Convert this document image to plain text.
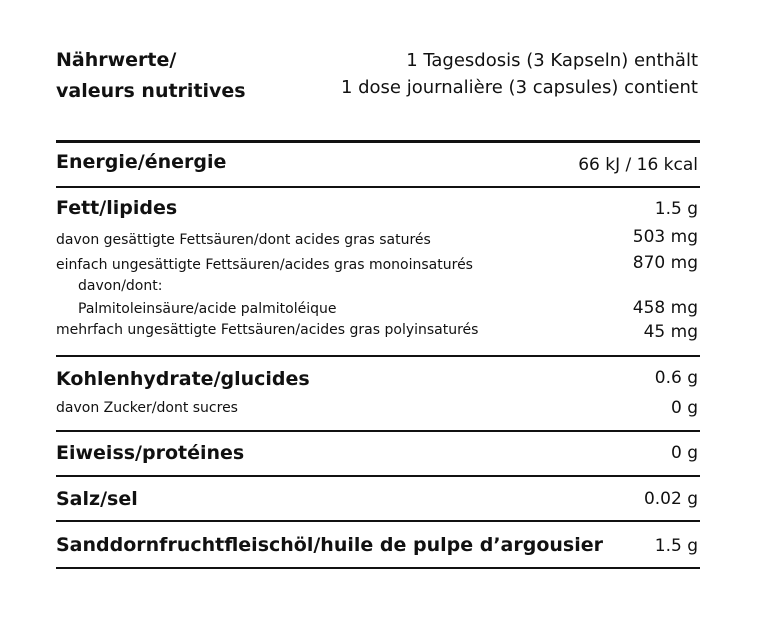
Nährwerte/
valeurs nutritives
1 Tagesdosis (3 Kapseln) enthält
1 dose journalière (3 capsules) contient
Energie/énergie	66 kJ / 16 kcal
Fett/lipides	1.5 g
davon gesättigte Fettsäuren/dont acides gras saturés	503 mg
einfach ungesättigte Fettsäuren/acides gras monoinsaturés	870 mg
davon/dont:
Palmitoleinsäure/acide palmitoléique	458 mg
mehrfach ungesättigte Fettsäuren/acides gras polyinsaturés	45 mg
Kohlenhydrate/glucides	0.6 g
davon Zucker/dont sucres	0 g
Eiweiss/protéines	0 g
Salz/sel	0.02 g
Sanddornfruchtfleischöl/huile de pulpe d’argousier	1.5 g
